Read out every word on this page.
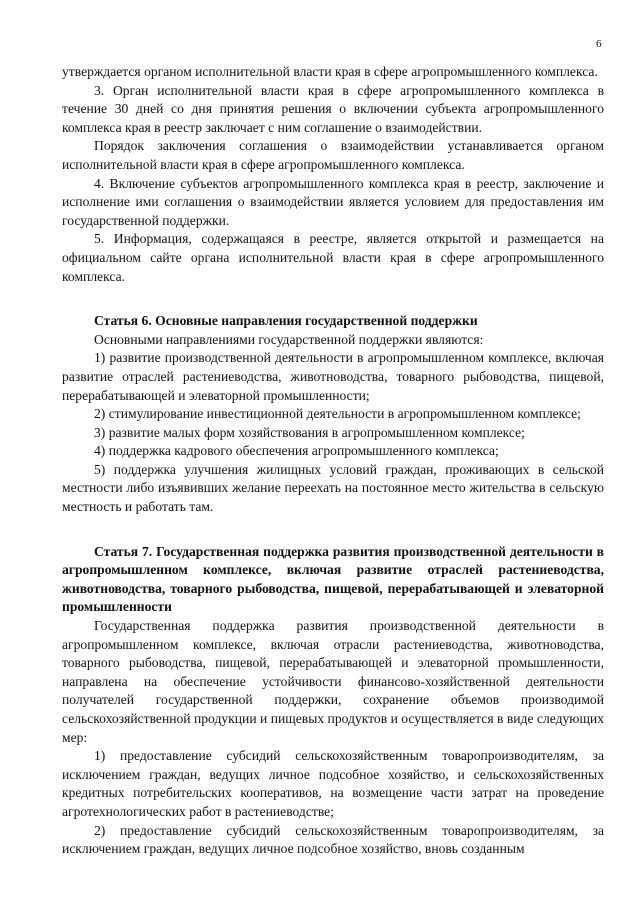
6

утверждается органом исполнительной власти края в сфере агропромышленного комплекса.

3. Орган исполнительной власти края в сфере агропромышленного комплекса в течение 30 дней со дня принятия решения о включении субъекта агропромышленного комплекса края в реестр заключает с ним соглашение о взаимодействии.

Порядок заключения соглашения о взаимодействии устанавливается органом исполнительной власти края в сфере агропромышленного комплекса.

4. Включение субъектов агропромышленного комплекса края в реестр, заключение и исполнение ими соглашения о взаимодействии является условием для предоставления им государственной поддержки.

5. Информация, содержащаяся в реестре, является открытой и размещается на официальном сайте органа исполнительной власти края в сфере агропромышленного комплекса.

Статья 6. Основные направления государственной поддержки

Основными направлениями государственной поддержки являются:

1) развитие производственной деятельности в агропромышленном комплексе, включая развитие отраслей растениеводства, животноводства, товарного рыбоводства, пищевой, перерабатывающей и элеваторной промышленности;

2) стимулирование инвестиционной деятельности в агропромышленном комплексе;

3) развитие малых форм хозяйствования в агропромышленном комплексе;

4) поддержка кадрового обеспечения агропромышленного комплекса;

5) поддержка улучшения жилищных условий граждан, проживающих в сельской местности либо изъявивших желание переехать на постоянное место жительства в сельскую местность и работать там.

Статья 7. Государственная поддержка развития производственной деятельности в агропромышленном комплексе, включая развитие отраслей растениеводства, животноводства, товарного рыбоводства, пищевой, перерабатывающей и элеваторной промышленности

Государственная поддержка развития производственной деятельности в агропромышленном комплексе, включая отрасли растениеводства, животноводства, товарного рыбоводства, пищевой, перерабатывающей и элеваторной промышленности, направлена на обеспечение устойчивости финансово-хозяйственной деятельности получателей государственной поддержки, сохранение объемов производимой сельскохозяйственной продукции и пищевых продуктов и осуществляется в виде следующих мер:

1) предоставление субсидий сельскохозяйственным товаропроизводителям, за исключением граждан, ведущих личное подсобное хозяйство, и сельскохозяйственных кредитных потребительских кооперативов, на возмещение части затрат на проведение агротехнологических работ в растениеводстве;

2) предоставление субсидий сельскохозяйственным товаропроизводителям, за исключением граждан, ведущих личное подсобное хозяйство, вновь созданным
